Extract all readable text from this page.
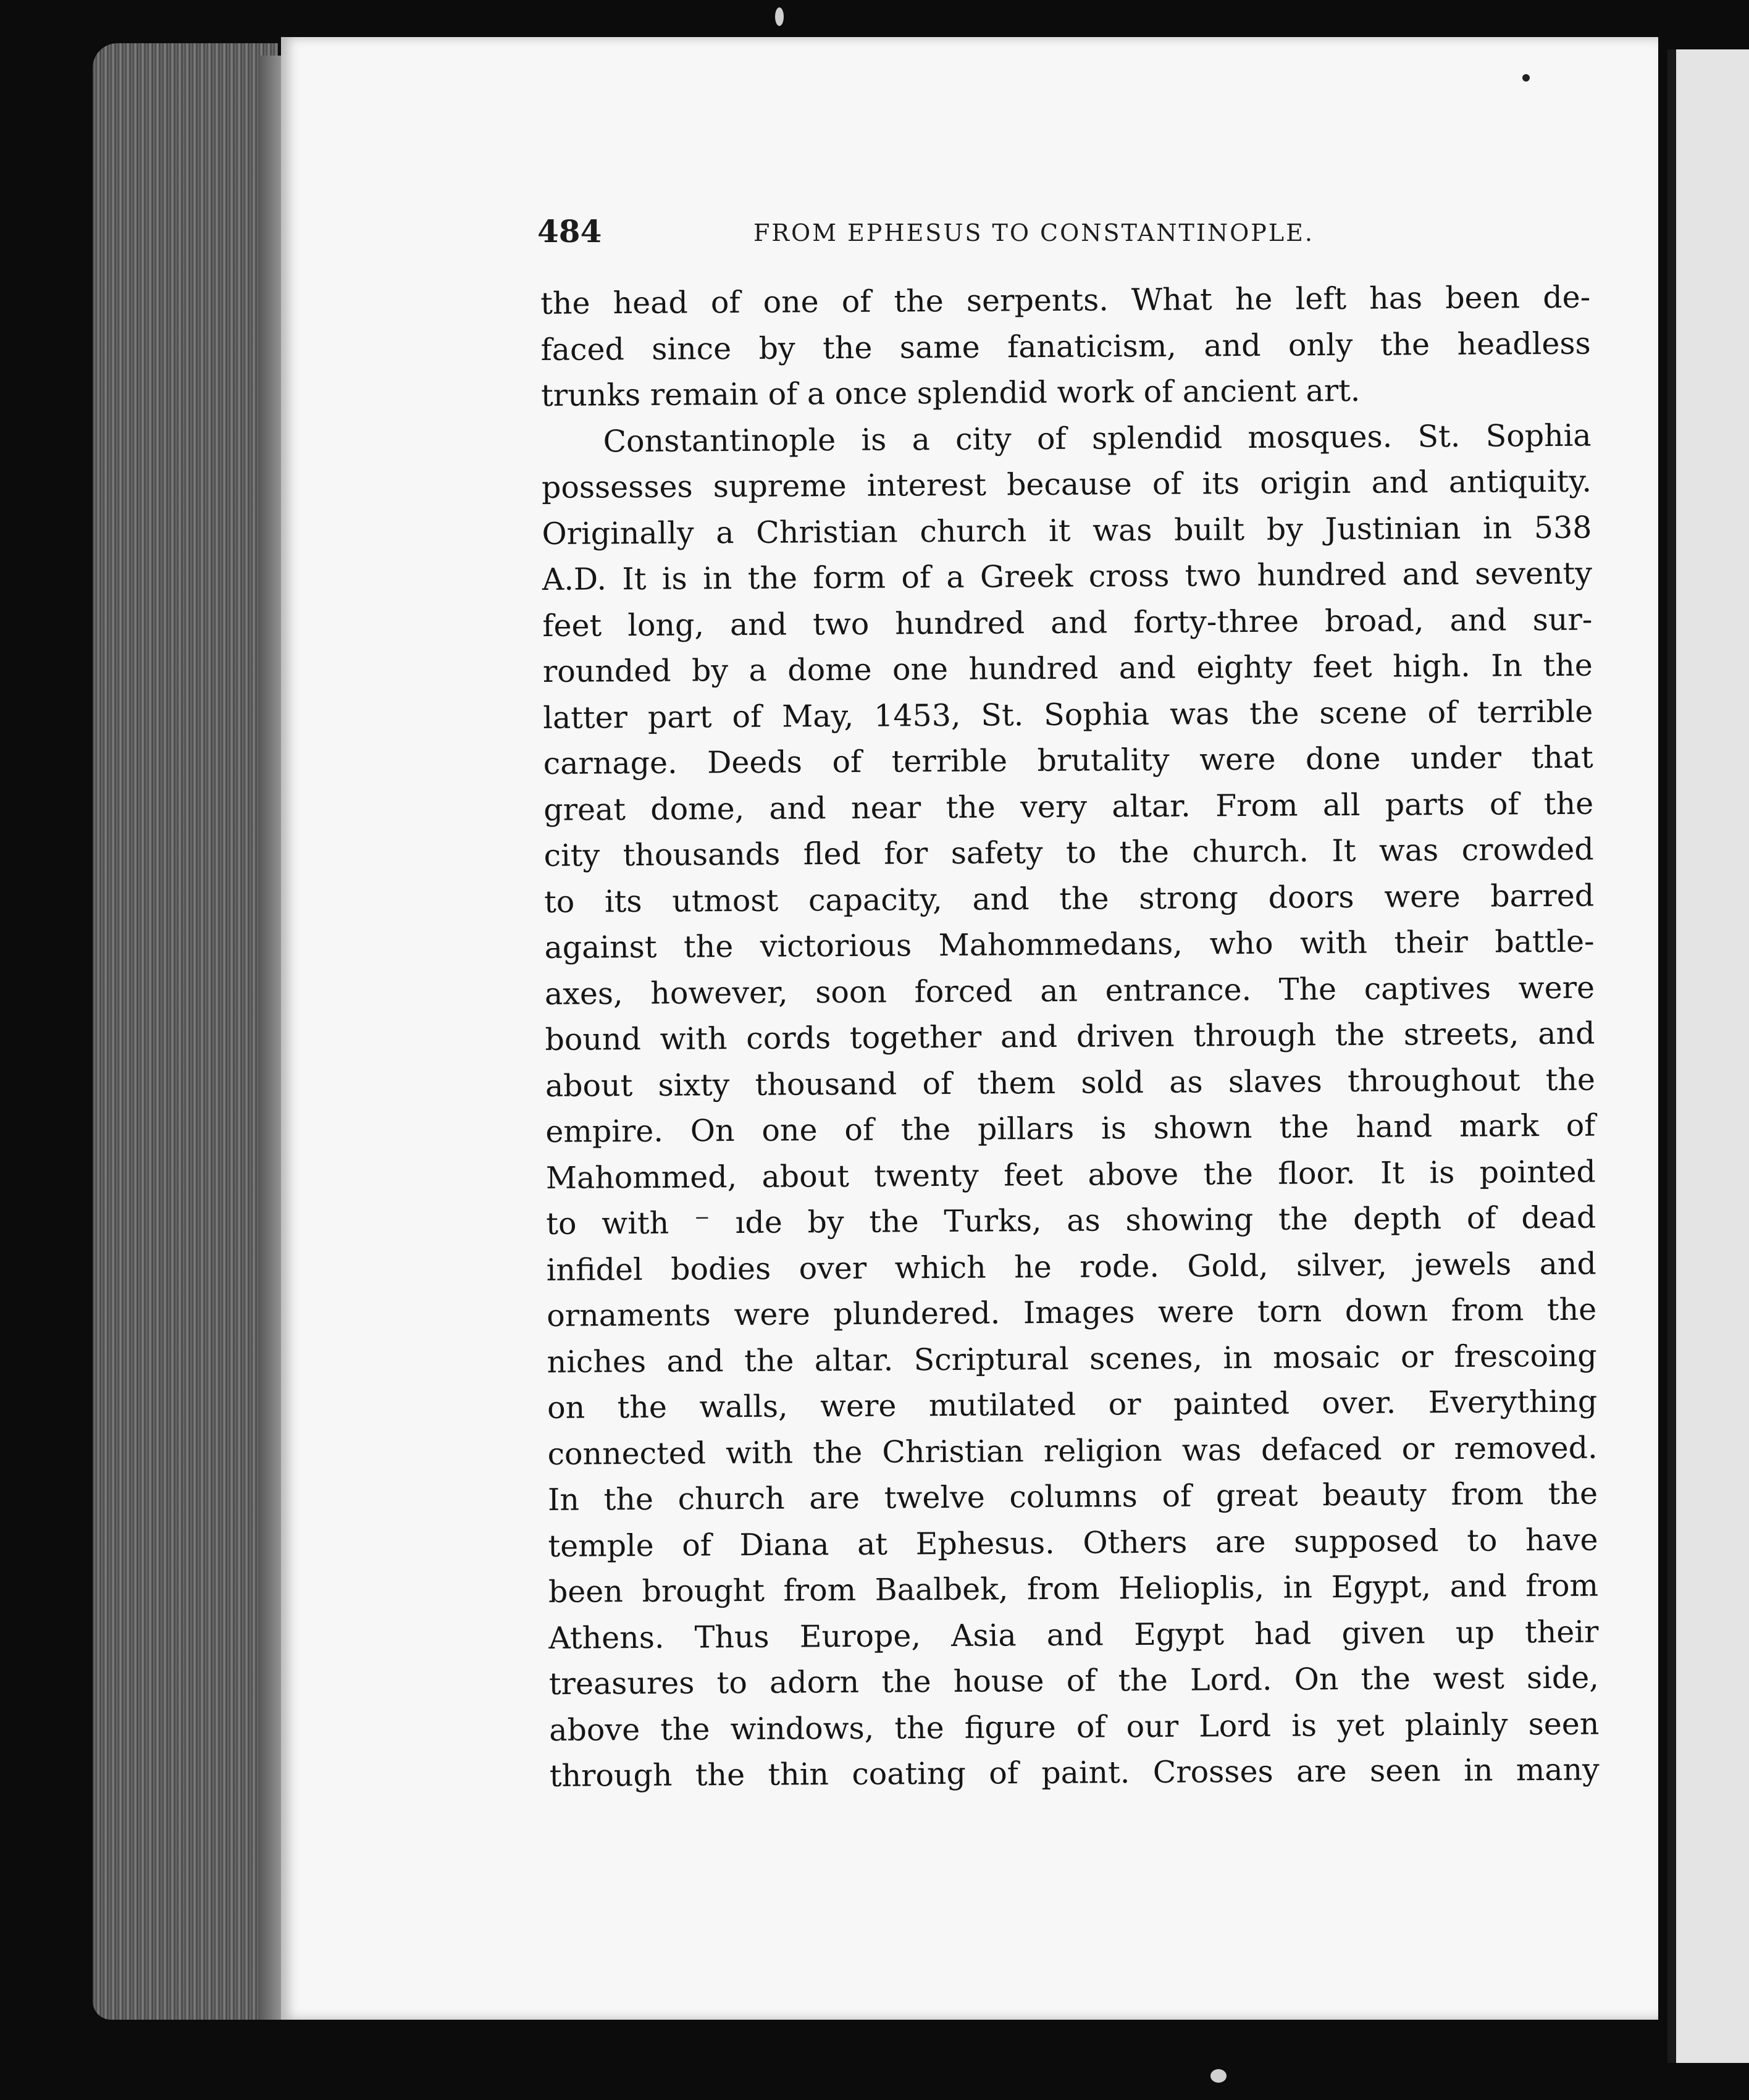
484	FROM EPHESUS TO CONSTANTINOPLE.
the head of one of the serpents. What he left has been de-
faced since by the same fanaticism, and only the headless
trunks remain of a once splendid work of ancient art.
Constantinople is a city of splendid mosques. St. Sophia
possesses supreme interest because of its origin and antiquity.
Originally a Christian church it was built by Justinian in 538
A.D. It is in the form of a Greek cross two hundred and seventy
feet long, and two hundred and forty-three broad, and sur-
rounded by a dome one hundred and eighty feet high. In the
latter part of May, 1453, St. Sophia was the scene of terrible
carnage. Deeds of terrible brutality were done under that
great dome, and near the very altar. From all parts of the
city thousands fled for safety to the church. It was crowded
to its utmost capacity, and the strong doors were barred
against the victorious Mahommedans, who with their battle-
axes, however, soon forced an entrance. The captives were
bound with cords together and driven through the streets, and
about sixty thousand of them sold as slaves throughout the
empire. On one of the pillars is shown the hand mark of
Mahommed, about twenty feet above the floor. It is pointed
to with ⁻ ıde by the Turks, as showing the depth of dead
infidel bodies over which he rode. Gold, silver, jewels and
ornaments were plundered. Images were torn down from the
niches and the altar. Scriptural scenes, in mosaic or frescoing
on the walls, were mutilated or painted over. Everything
connected with the Christian religion was defaced or removed.
In the church are twelve columns of great beauty from the
temple of Diana at Ephesus. Others are supposed to have
been brought from Baalbek, from Helioplis, in Egypt, and from
Athens. Thus Europe, Asia and Egypt had given up their
treasures to adorn the house of the Lord. On the west side,
above the windows, the figure of our Lord is yet plainly seen
through the thin coating of paint. Crosses are seen in many
